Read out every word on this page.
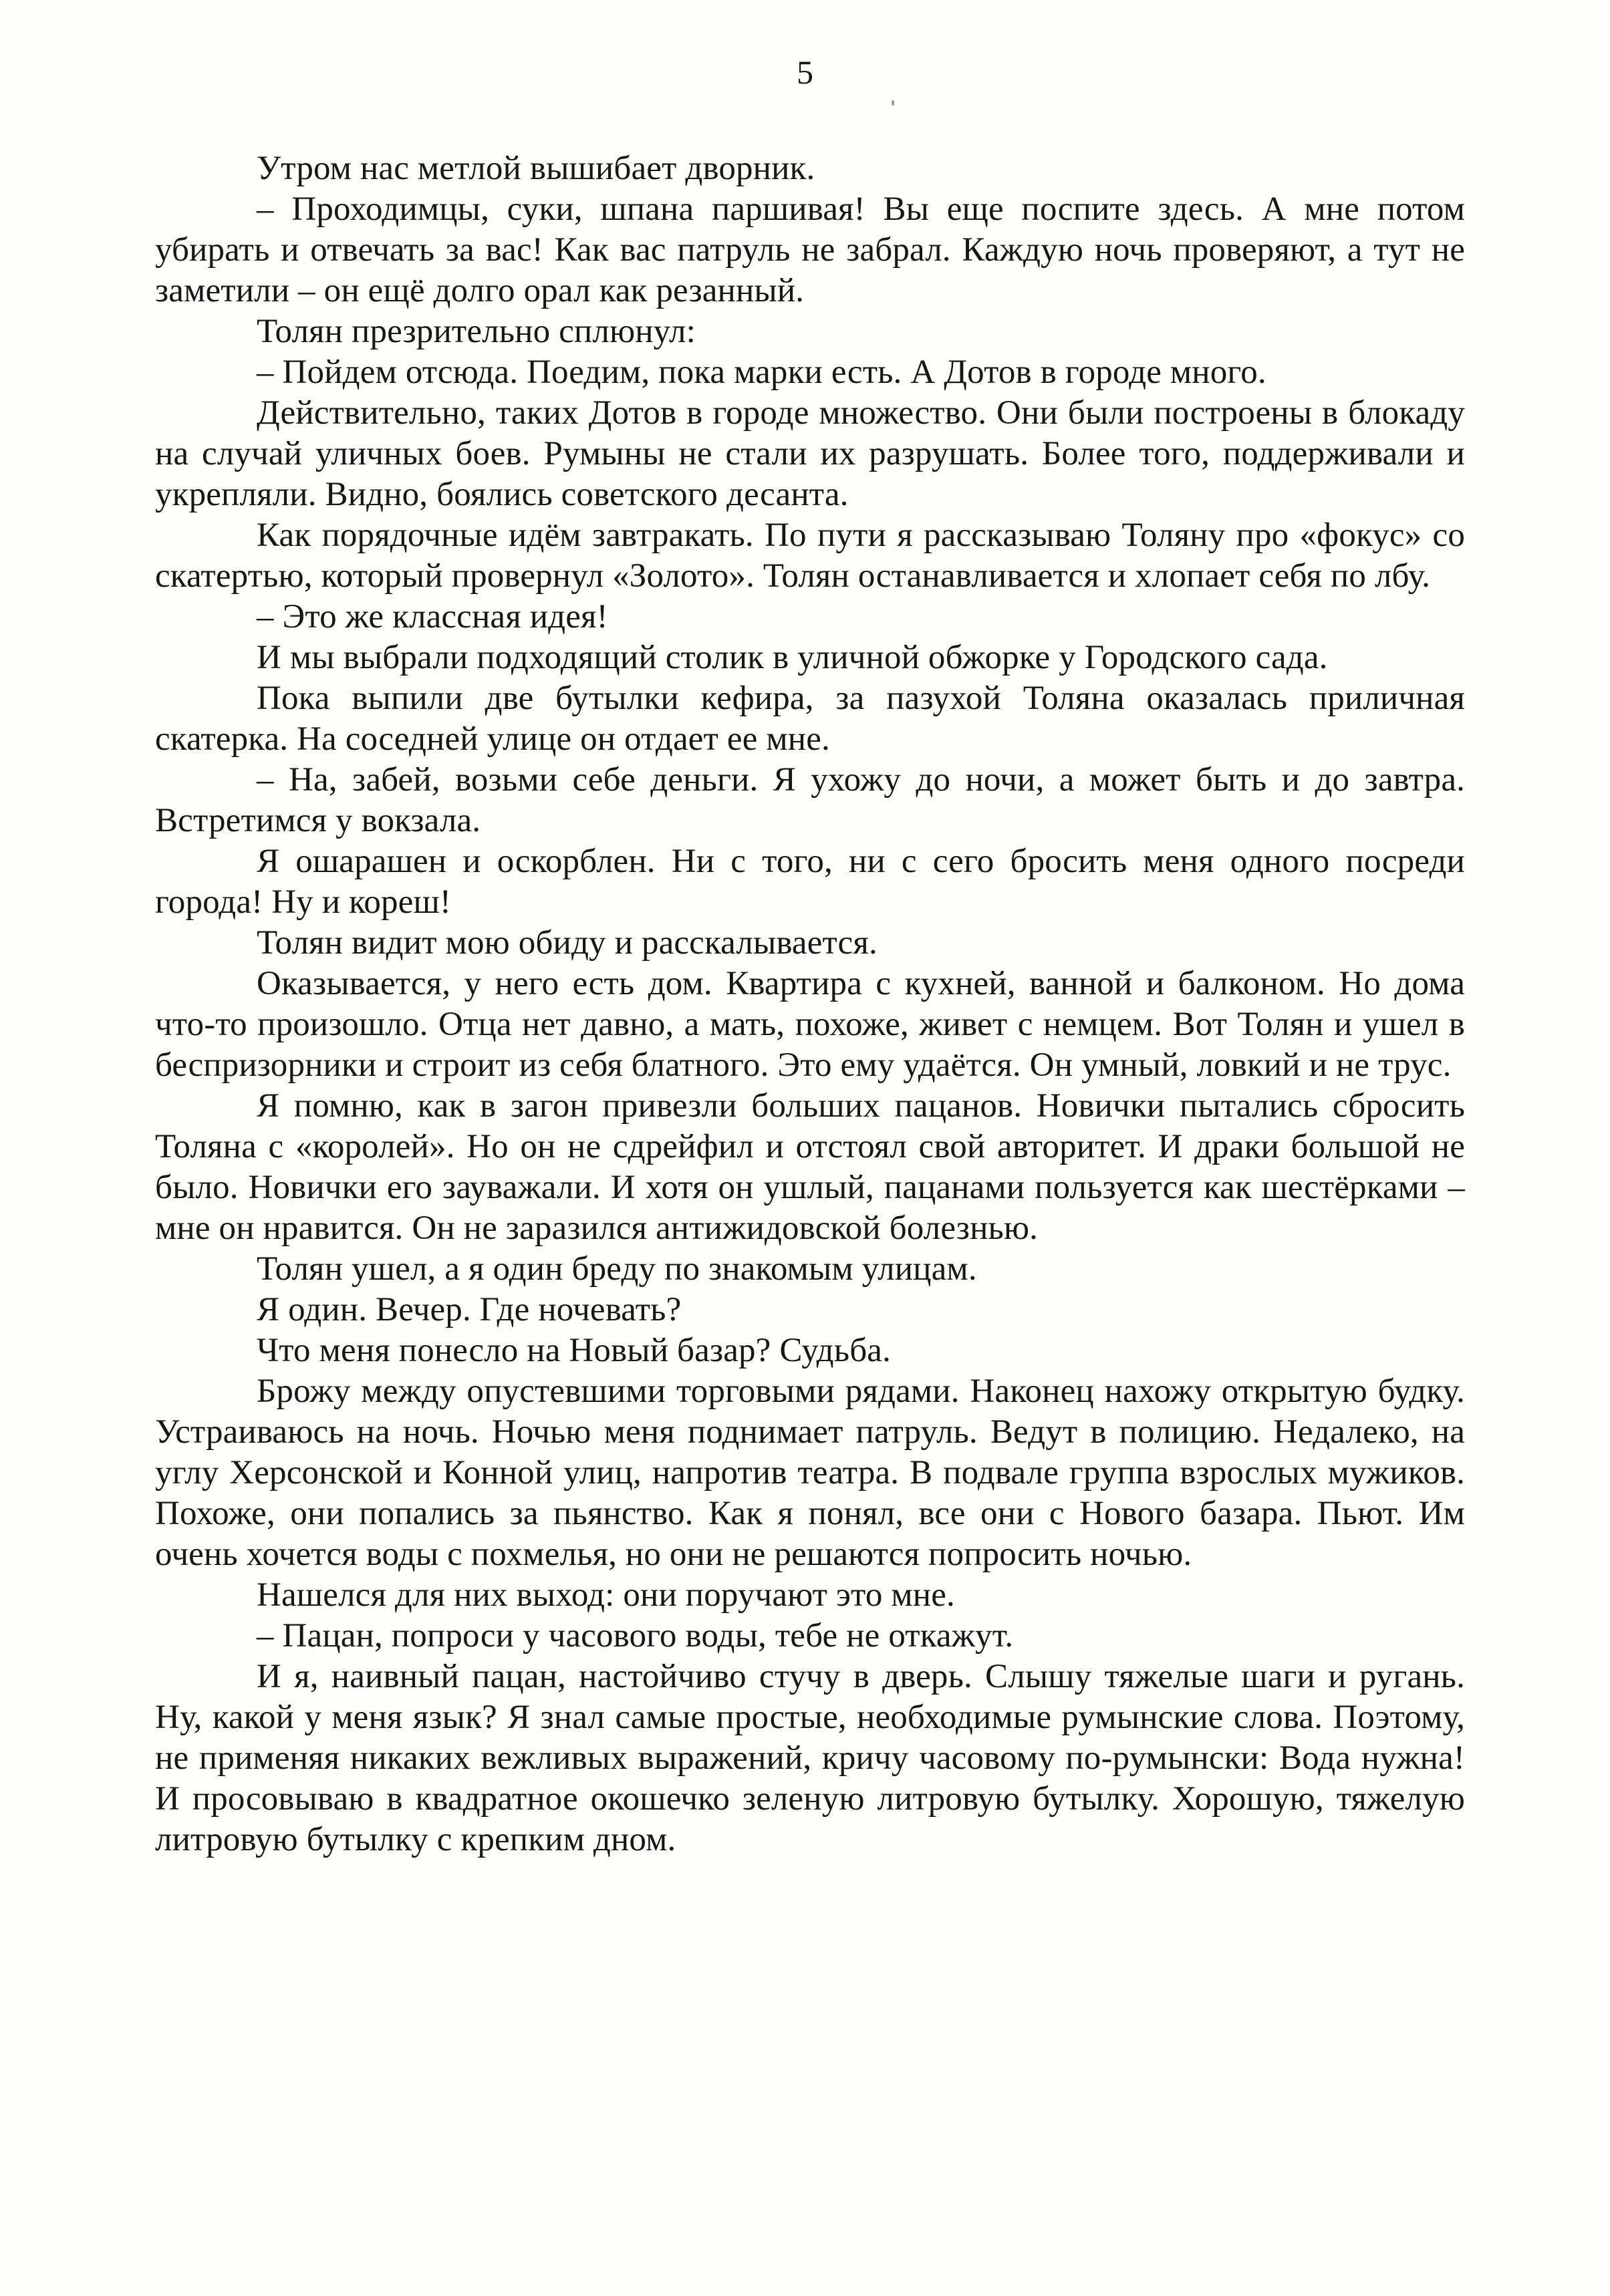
5

Утром нас метлой вышибает дворник.

– Проходимцы, суки, шпана паршивая! Вы еще поспите здесь. А мне потом убирать и отвечать за вас! Как вас патруль не забрал. Каждую ночь проверяют, а тут не заметили – он ещё долго орал как резанный.

Толян презрительно сплюнул:

– Пойдем отсюда. Поедим, пока марки есть. А Дотов в городе много.

Действительно, таких Дотов в городе множество. Они были построены в блокаду на случай уличных боев. Румыны не стали их разрушать. Более того, поддерживали и укрепляли. Видно, боялись советского десанта.

Как порядочные идём завтракать. По пути я рассказываю Толяну про «фокус» со скатертью, который провернул «Золото». Толян останавливается и хлопает себя по лбу.

– Это же классная идея!

И мы выбрали подходящий столик в уличной обжорке у Городского сада.

Пока выпили две бутылки кефира, за пазухой Толяна оказалась приличная скатерка. На соседней улице он отдает ее мне.

– На, забей, возьми себе деньги. Я ухожу до ночи, а может быть и до завтра. Встретимся у вокзала.

Я ошарашен и оскорблен. Ни с того, ни с сего бросить меня одного посреди города! Ну и кореш!

Толян видит мою обиду и расскалывается.

Оказывается, у него есть дом. Квартира с кухней, ванной и балконом. Но дома что-то произошло. Отца нет давно, а мать, похоже, живет с немцем. Вот Толян и ушел в беспризорники и строит из себя блатного. Это ему удаётся. Он умный, ловкий и не трус.

Я помню, как в загон привезли больших пацанов. Новички пытались сбросить Толяна с «королей». Но он не сдрейфил и отстоял свой авторитет. И драки большой не было. Новички его зауважали. И хотя он ушлый, пацанами пользуется как шестёрками – мне он нравится. Он не заразился антижидовской болезнью.

Толян ушел, а я один бреду по знакомым улицам.

Я один. Вечер. Где ночевать?

Что меня понесло на Новый базар? Судьба.

Брожу между опустевшими торговыми рядами. Наконец нахожу открытую будку. Устраиваюсь на ночь. Ночью меня поднимает патруль. Ведут в полицию. Недалеко, на углу Херсонской и Конной улиц, напротив театра. В подвале группа взрослых мужиков. Похоже, они попались за пьянство. Как я понял, все они с Нового базара. Пьют. Им очень хочется воды с похмелья, но они не решаются попросить ночью.

Нашелся для них выход: они поручают это мне.

– Пацан, попроси у часового воды, тебе не откажут.

И я, наивный пацан, настойчиво стучу в дверь. Слышу тяжелые шаги и ругань. Ну, какой у меня язык? Я знал самые простые, необходимые румынские слова. Поэтому, не применяя никаких вежливых выражений, кричу часовому по-румынски: Вода нужна! И просовываю в квадратное окошечко зеленую литровую бутылку. Хорошую, тяжелую литровую бутылку с крепким дном.
